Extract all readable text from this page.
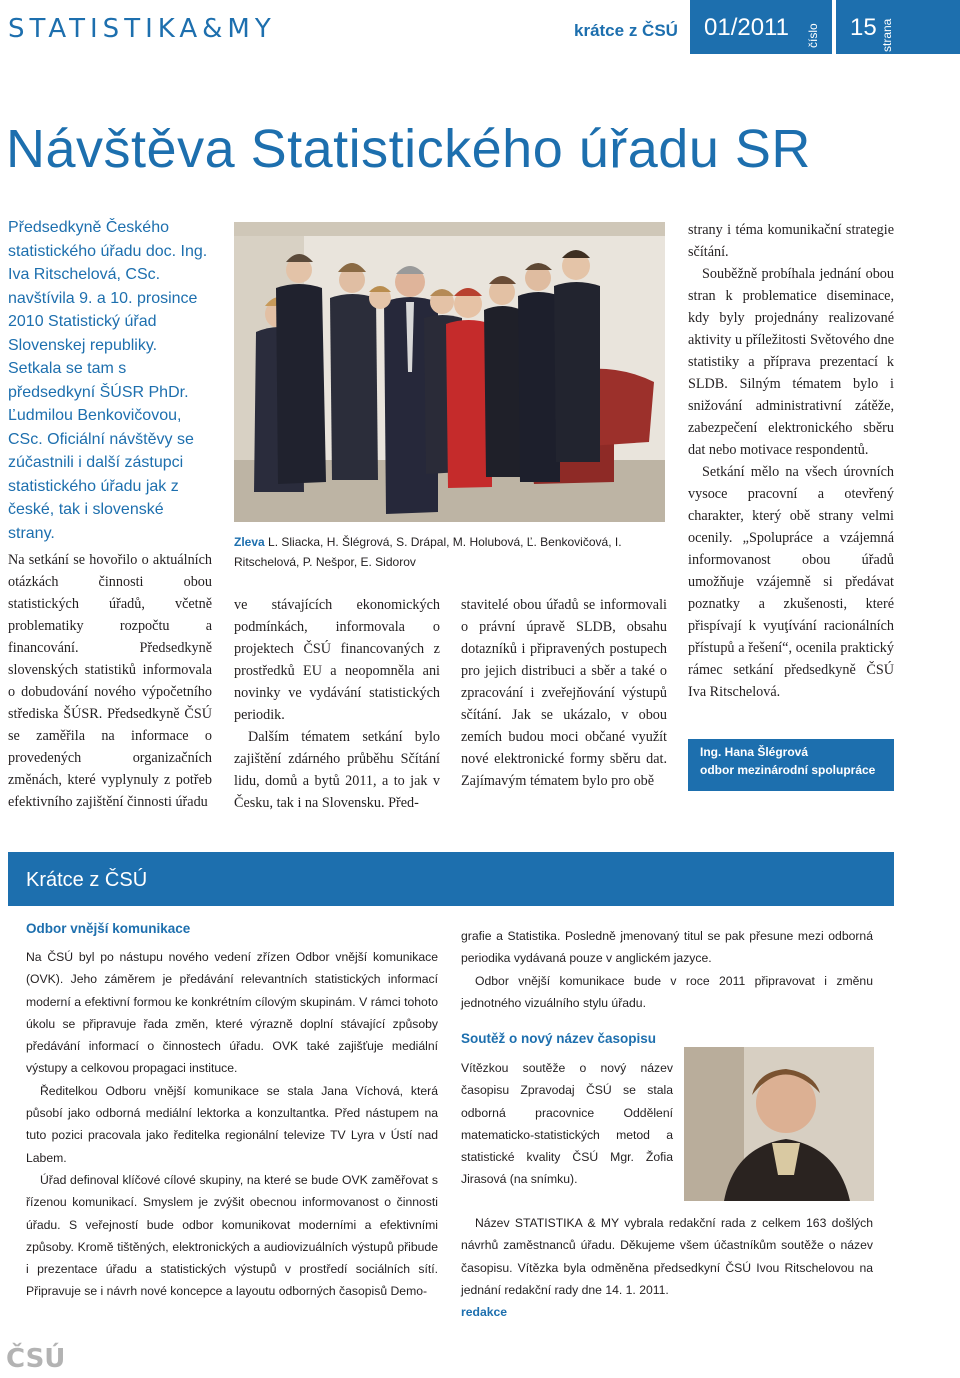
STATISTIKA&MY	krátce z ČSÚ 01/2011 číslo 15 strana
Návštěva Statistického úřadu SR
Předsedkyně Českého statistického úřadu doc. Ing. Iva Ritschelová, CSc. navštívila 9. a 10. prosince 2010 Statistický úřad Slovenskej republiky. Setkala se tam s předsedkyní ŠÚSR PhDr. Ľudmilou Benkovičovou, CSc. Oficiální návštěvy se zúčastnili i další zástupci statistického úřadu jak z české, tak i slovenské strany.
Na setkání se hovořilo o aktuálních otázkách činnosti obou statistických úřadů, včetně problematiky rozpočtu a financování. Předsedkyně slovenských statistiků informovala o dobudování nového výpočetního střediska ŠÚSR. Předsedkyně ČSÚ se zaměřila na informace o provedených organizačních změnách, které vyplynuly z potřeb efektivního zajištění činnosti úřadu
Zleva L. Sliacka, H. Šlégrová, S. Drápal, M. Holubová, Ľ. Benkovičová, I. Ritschelová, P. Nešpor, E. Sidorov

ve stávajících ekonomických podmínkách, informovala o projektech ČSÚ financovaných z prostředků EU a neopomněla ani novinky ve vydávání statistických periodik.

Dalším tématem setkání bylo zajištění zdárného průběhu Sčítání lidu, domů a bytů 2011, a to jak v Česku, tak i na Slovensku. Před-

stavitelé obou úřadů se informovali o právní úpravě SLDB, obsahu dotazníků i připravených postupech pro jejich distribuci a sběr a také o zpracování i zveřejňování výstupů sčítání. Jak se ukázalo, v obou zemích budou moci občané využít nové elektronické formy sběru dat. Zajímavým tématem bylo pro obě

strany i téma komunikační strategie sčítání.

Souběžně probíhala jednání obou stran k problematice diseminace, kdy byly projednány realizované aktivity u příležitosti Světového dne statistiky a příprava prezentací k SLDB. Silným tématem bylo i snižování administrativní zátěže, zabezpečení elektronického sběru dat nebo motivace respondentů.

Setkání mělo na všech úrovních vysoce pracovní a otevřený charakter, který obě strany velmi ocenily. „Spolupráce a vzájemná informovanost obou úřadů umožňuje vzájemně si předávat poznatky a zkušenosti, které přispívají k vyuţívání racionálních přístupů a řešení“, ocenila praktický rámec setkání předsedkyně ČSÚ Iva Ritschelová.

Ing. Hana Šlégrová
odbor mezinárodní spolupráce
Krátce z ČSÚ
Odbor vnější komunikace

Na ČSÚ byl po nástupu nového vedení zřízen Odbor vnější komunikace (OVK). Jeho záměrem je předávání relevantních statistických informací moderní a efektivní formou ke konkrétním cílovým skupinám. V rámci tohoto úkolu se připravuje řada změn, které výrazně doplní stávající způsoby předávání informací o činnostech úřadu. OVK také zajišťuje mediální výstupy a celkovou propagaci instituce.

Ředitelkou Odboru vnější komunikace se stala Jana Víchová, která působí jako odborná mediální lektorka a konzultantka. Před nástupem na tuto pozici pracovala jako ředitelka regionální televize TV Lyra v Ústí nad Labem.

Úřad definoval klíčové cílové skupiny, na které se bude OVK zaměřovat s řízenou komunikací. Smyslem je zvýšit obecnou informovanost o činnosti úřadu. S veřejností bude odbor komunikovat moderními a efektivními způsoby. Kromě tištěných, elektronických a audiovizuálních výstupů přibude i prezentace úřadu a statistických výstupů v prostředí sociálních sítí. Připravuje se i návrh nové koncepce a layoutu odborných časopisů Demo-

grafie a Statistika. Posledně jmenovaný titul se pak přesune mezi odborná periodika vydávaná pouze v anglickém jazyce.

Odbor vnější komunikace bude v roce 2011 připravovat i změnu jednotného vizuálního stylu úřadu.

Soutěž o nový název časopisu
Vítězkou soutěže o nový název časopisu Zpravodaj ČSÚ se stala odborná pracovnice Oddělení matematicko-statistických metod a statistické kvality ČSÚ Mgr. Žofia Jirasová (na snímku).

Název STATISTIKA & MY vybrala redakční rada z celkem 163 došlých návrhů zaměstnanců úřadu. Děkujeme všem účastníkům soutěže o název časopisu. Vítězka byla odměněna předsedkyní ČSÚ Ivou Ritschelovou na jednání redakční rady dne 14. 1. 2011.

redakce

ČSÚ
